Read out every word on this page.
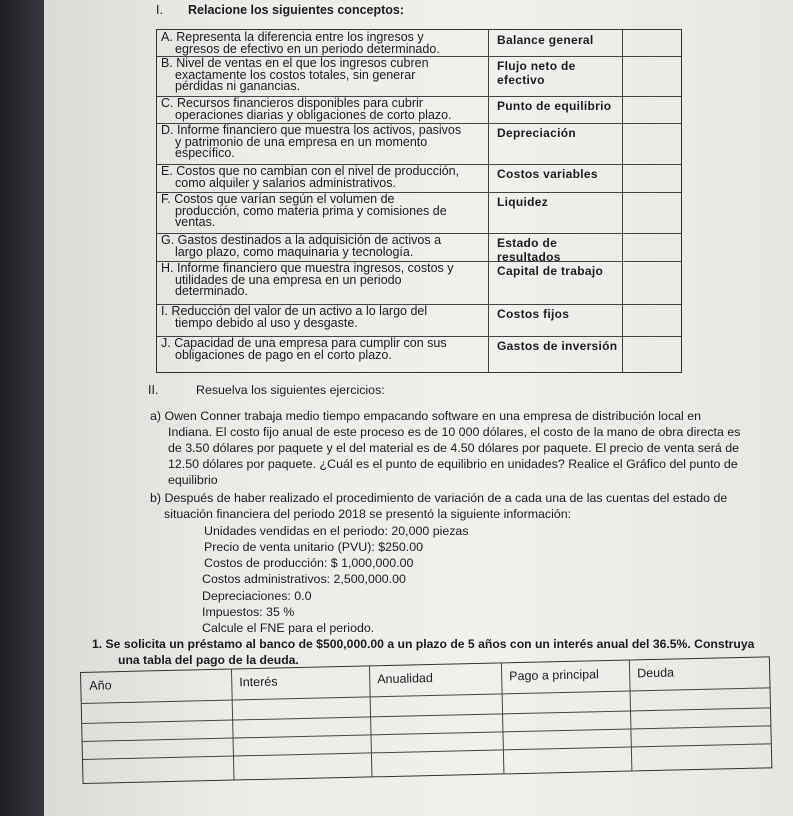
I. Relacione los siguientes conceptos:
A. Representa la diferencia entre los ingresos y
egresos de efectivo en un periodo determinado.
Balance general
B. Nivel de ventas en el que los ingresos cubren
exactamente los costos totales, sin generar
pérdidas ni ganancias.
Flujo neto de efectivo
C. Recursos financieros disponibles para cubrir
operaciones diarias y obligaciones de corto plazo.
Punto de equilibrio
D. Informe financiero que muestra los activos, pasivos
y patrimonio de una empresa en un momento
específico.
Depreciación
E. Costos que no cambian con el nivel de producción,
como alquiler y salarios administrativos.
Costos variables
F. Costos que varían según el volumen de
producción, como materia prima y comisiones de
ventas.
Liquidez
G. Gastos destinados a la adquisición de activos a
largo plazo, como maquinaria y tecnología.
Estado de resultados
H. Informe financiero que muestra ingresos, costos y
utilidades de una empresa en un periodo
determinado.
Capital de trabajo
I. Reducción del valor de un activo a lo largo del
tiempo debido al uso y desgaste.
Costos fijos
J. Capacidad de una empresa para cumplir con sus
obligaciones de pago en el corto plazo.
Gastos de inversión
II.	Resuelva los siguientes ejercicios:
a) Owen Conner trabaja medio tiempo empacando software en una empresa de distribución local en
Indiana. El costo fijo anual de este proceso es de 10 000 dólares, el costo de la mano de obra directa es
de 3.50 dólares por paquete y el del material es de 4.50 dólares por paquete. El precio de venta será de
12.50 dólares por paquete. ¿Cuál es el punto de equilibrio en unidades? Realice el Gráfico del punto de
equilibrio
b) Después de haber realizado el procedimiento de variación de a cada una de las cuentas del estado de
situación financiera del periodo 2018 se presentó la siguiente información:
Unidades vendidas en el periodo: 20,000 piezas
Precio de venta unitario (PVU): $250.00
Costos de producción: $ 1,000,000.00
Costos administrativos: 2,500,000.00
Depreciaciones: 0.0
Impuestos: 35 %
Calcule el FNE para el periodo.
1. Se solicita un préstamo al banco de $500,000.00 a un plazo de 5 años con un interés anual del 36.5%. Construya
una tabla del pago de la deuda.
Año	Interés	Anualidad	Pago a principal	Deuda
